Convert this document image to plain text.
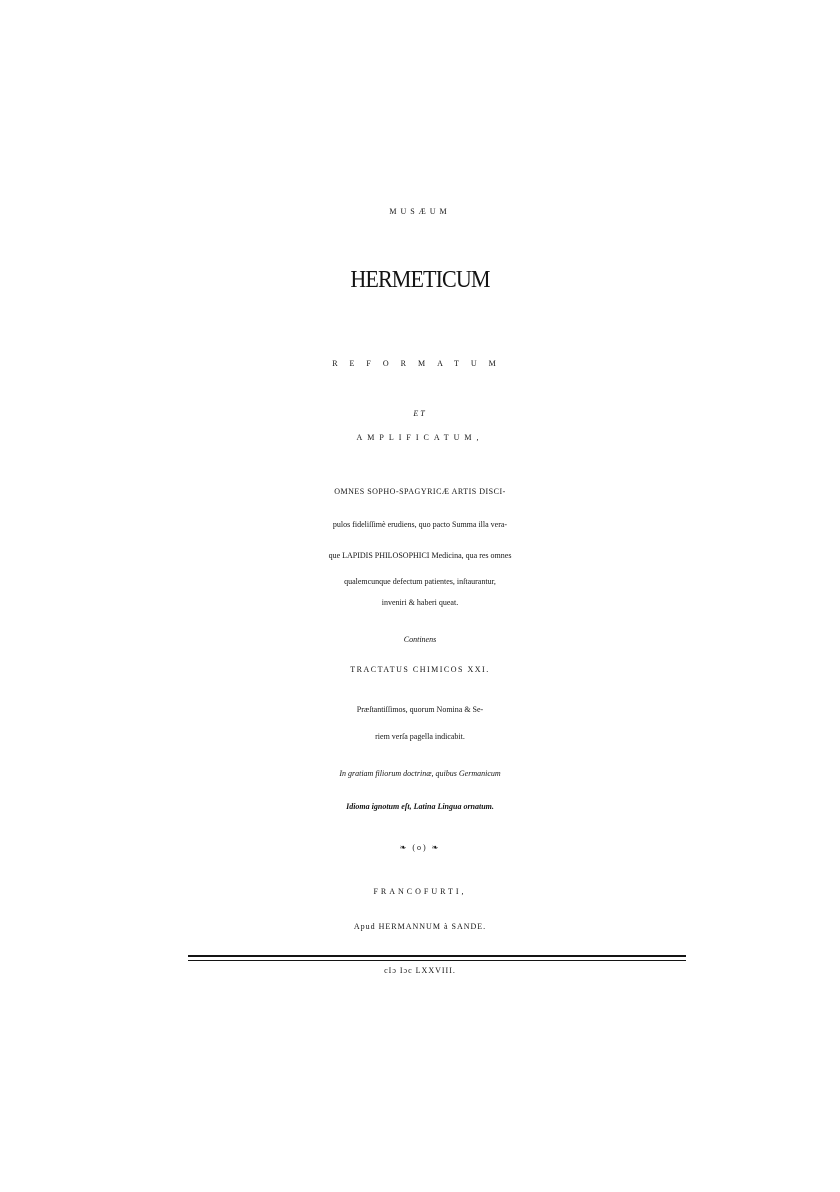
MUSÆUM
HERMETICUM
REFORMATUM
ET
AMPLIFICATUM,
OMNES SOPHO-SPAGYRICÆ ARTIS DISCI-
pulos fideliſſimè erudiens, quo pacto Summa illa vera-
que LAPIDIS PHILOSOPHICI Medicina, qua res omnes
qualemcunque defectum patientes, inſtaurantur,
inveniri & haberi queat.
Continens
TRACTATUS CHIMICOS XXI.
Præſtantiſſimos, quorum Nomina & Se-
riem verſa pagella indicabit.
In gratiam filiorum doctrinæ, quibus Germanicum
Idioma ignotum eſt, Latina Lingua ornatum.
❧ (o) ❧
FRANCOFURTI,
Apud HERMANNUM à SANDE.
cIɔ Iɔc LXXVIII.
